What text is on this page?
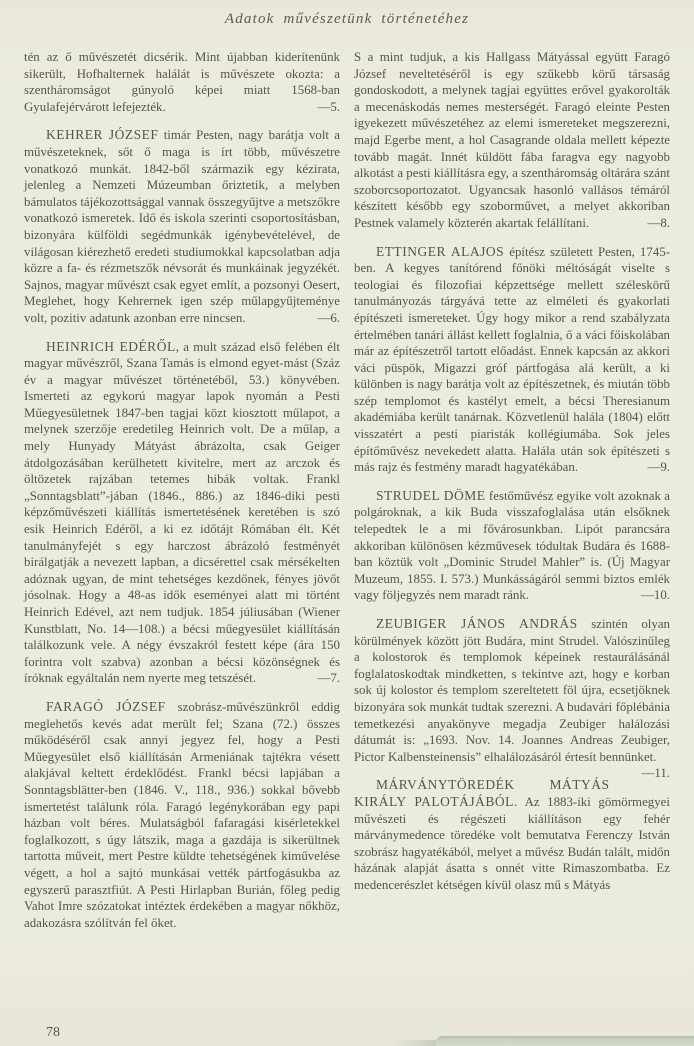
Adatok művészetünk történetéhez

tén az ő művészetét dicsérik. Mint újabban kiderítenünk sikerült, Hofhalternek halálát is művészete okozta: a szentháromságot gúnyoló képei miatt 1568-ban Gyulafejérvárott lefejezték.	—5.

KEHRER JÓZSEF timár Pesten, nagy barátja volt a művészeteknek, sőt ő maga is írt több, művészetre vonatkozó munkát. 1842-ből származik egy kézirata, jelenleg a Nemzeti Múzeumban őriztetik, a melyben bámulatos tájékozottsággal vannak összegyűjtve a metszőkre vonatkozó ismeretek. Idő és iskola szerinti csoportosításban, bizonyára külföldi segédmunkák igénybevételével, de világosan kiérezhető eredeti studiumokkal kapcsolatban adja közre a fa- és rézmetszők névsorát és munkáinak jegyzékét. Sajnos, magyar művészt csak egyet említ, a pozsonyi Oesert, Meglehet, hogy Kehrernek igen szép műlapgyűjteménye volt, pozitiv adatunk azonban erre nincsen.	—6.

HEINRICH EDÉRŐL, a mult század első felében élt magyar művészről, Szana Tamás is elmond egyet-mást (Száz év a magyar művészet történetéből, 53.) könyvében. Ismerteti az egykorú magyar lapok nyomán a Pesti Műegyesületnek 1847-ben tagjai közt kiosztott műlapot, a melynek szerzője eredetileg Heinrich volt. De a műlap, a mely Hunyady Mátyást ábrázolta, csak Geiger átdolgozásában kerülhetett kivitelre, mert az arczok és öltözetek rajzában tetemes hibák voltak. Frankl „Sonntagsblatt”-jában (1846., 886.) az 1846-diki pesti képzőművészeti kiállítás ismertetésének keretében is szó esik Heinrich Edéről, a ki ez időtájt Rómában élt. Két tanulmányfejét s egy harczost ábrázoló festményét birálgatják a nevezett lapban, a dicsérettel csak mérsékelten adóznak ugyan, de mint tehetséges kezdőnek, fényes jövőt jósolnak. Hogy a 48-as idők eseményei alatt mi történt Heinrich Edével, azt nem tudjuk. 1854 júliusában (Wiener Kunstblatt, No. 14—108.) a bécsi műegyesület kiállításán találkozunk vele. A négy évszakról festett képe (ára 150 forintra volt szabva) azonban a bécsi közönségnek és íróknak egyáltalán nem nyerte meg tetszését.	—7.

FARAGÓ JÓZSEF szobrász-művészünkről eddig meglehetős kevés adat merült fel; Szana (72.) összes működéséről csak annyi jegyez fel, hogy a Pesti Műegyesület első kiállításán Armeniának tajtékra vésett alakjával keltett érdeklődést. Frankl bécsi lapjában a Sonntagsblätter-ben (1846. V., 118., 936.) sokkal bővebb ismertetést találunk róla. Faragó legénykorában egy papi házban volt béres. Mulatságból fafaragási kisérletekkel foglalkozott, s úgy látszik, maga a gazdája is sikerültnek tartotta műveit, mert Pestre küldte tehetségének kiművelése végett, a hol a sajtó munkásai vették pártfogásukba az egyszerű parasztfiút. A Pesti Hirlapban Burián, főleg pedig Vahot Imre szózatokat intéztek érdekében a magyar nőkhöz, adakozásra szólítván fel őket.

S a mint tudjuk, a kis Hallgass Mátyással együtt Faragó József neveltetéséről is egy szűkebb körű társaság gondoskodott, a melynek tagjai együttes erővel gyakorolták a mecenáskodás nemes mesterségét. Faragó eleinte Pesten igyekezett művészetéhez az elemi ismereteket megszerezni, majd Egerbe ment, a hol Casagrande oldala mellett képezte tovább magát. Innét küldött fába faragva egy nagyobb alkotást a pesti kiállításra egy, a szentháromság oltárára szánt szoborcsoportozatot. Ugyancsak hasonló vallásos témáról készített később egy szoborművet, a melyet akkoriban Pestnek valamely közterén akartak felállítani.	—8.

ETTINGER ALAJOS építész született Pesten, 1745-ben. A kegyes tanítórend főnöki méltóságát viselte s teologiai és filozofiai képzettsége mellett széleskörű tanulmányozás tárgyává tette az elméleti és gyakorlati építészeti ismereteket. Úgy hogy mikor a rend szabályzata értelmében tanári állást kellett foglalnia, ő a váci főiskolában már az építészetről tartott előadást. Ennek kapcsán az akkori váci püspök, Migazzi gróf pártfogása alá került, a ki különben is nagy barátja volt az építészetnek, és miután több szép templomot és kastélyt emelt, a bécsi Theresianum akadémiába került tanárnak. Közvetlenül halála (1804) előtt visszatért a pesti piaristák kollégiumába. Sok jeles építőművész nevekedett alatta. Halála után sok építészeti s más rajz és festmény maradt hagyatékában.	—9.

STRUDEL DÖME festőművész egyike volt azoknak a polgároknak, a kik Buda visszafoglalása után elsőknek telepedtek le a mi fővárosunkban. Lipót parancsára akkoriban különösen kézművesek tódultak Budára és 1688-ban köztük volt „Dominic Strudel Mahler” is. (Új Magyar Muzeum, 1855. I. 573.) Munkásságáról semmi biztos emlék vagy följegyzés nem maradt ránk.	—10.

ZEUBIGER JÁNOS ANDRÁS szintén olyan körülmények között jött Budára, mint Strudel. Valószinűleg a kolostorok és templomok képeinek restaurálásánál foglalatoskodtak mindketten, s tekintve azt, hogy e korban sok új kolostor és templom szereltetett föl újra, ecsetjöknek bizonyára sok munkát tudtak szerezni. A budavári főplébánia temetkezési anyakönyve megadja Zeubiger halálozási dátumát is: „1693. Nov. 14. Joannes Andreas Zeubiger, Pictor Kalbensteinensis” elhalálozásáról értesít bennünket.
—11.

MÁRVÁNYTÖREDÉK MÁTYÁS KIRÁLY PALOTÁJÁBÓL. Az 1883-iki gömörmegyei művészeti és régészeti kiállításon egy fehér márványmedence töredéke volt bemutatva Ferenczy István szobrász hagyatékából, melyet a művész Budán talált, midőn házának alapját ásatta s onnét vitte Rimaszombatba. Ez medencerészlet kétségen kívül olasz mű s Mátyás

78
